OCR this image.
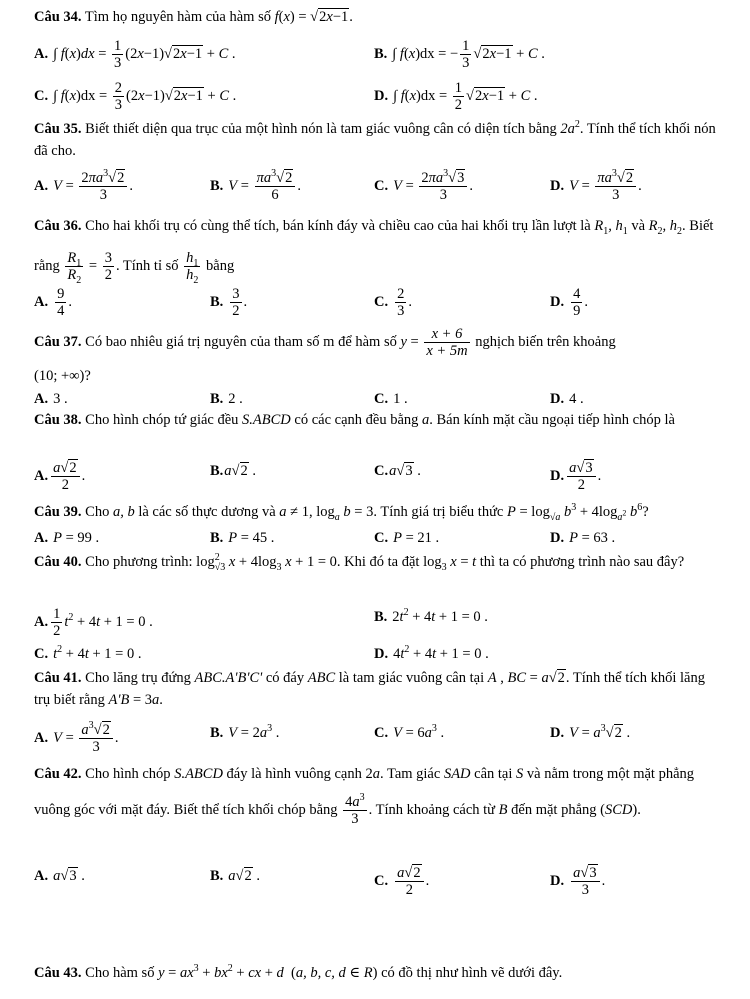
Câu 34. Tìm họ nguyên hàm của hàm số f(x) = √2x−1.
A. ∫ $f(x)dx = \frac{1}{3} (2x-1)√2x-1 + C$ .	B. ∫ f(x)dx = − $\frac{1}{3} √2x-1 + C$ .
C. ∫ $f(x)dx = \frac{2}{3} (2x-1)√2x-1 + C$ .	D. ∫ $f(x)dx = \frac{1}{2} √2x-1 + C$ .
Câu 35. Biết thiết diện qua trục của một hình nón là tam giác vuông cân có diện tích bằng $2a^2$. Tính thể tích khối nón đã cho.
A. $V = \frac{2\pi a^3√2}{3}$ .	B. $V = \frac{\pi a^3√2}{6}$ .	C. $V = \frac{2\pi a^3√3}{3}$ .	D. $V = \frac{\pi a^3√2}{3}$ .
Câu 36. Cho hai khối trụ có cùng thể tích, bán kính đáy và chiều cao của hai khối trụ lần lượt là $R_1$, $h_1$ và $R_2$, $h_2$. Biết rằng $\frac{R_1}{R_2} = \frac{3}{2}$ . Tính tỉ số $\frac{h_1}{h_2}$ bằng
A. $\frac{9}{4}$ .	B. $\frac{3}{2}$ .	C. $\frac{2}{3}$ .	D. $\frac{4}{9}$ .
Câu 37. Có bao nhiêu giá trị nguyên của tham số m để hàm số $y = \frac{x + 6}{x + 5m}$ nghịch biến trên khoảng
(10; +∞)?
A. 3 .	B. 2 .	C. 1 .	D. 4 .
Câu 38. Cho hình chóp tứ giác đều S.ABCD có các cạnh đều bằng a. Bán kính mặt cầu ngoại tiếp hình chóp là
A. $\frac{a√2}{2}$ .	B.a√2 .	C.a√3 .	D. $\frac{a√3}{2}$ .
Câu 39. Cho a, b là các số thực dương và a ≠ 1, $\log_a b = 3$. Tính giá trị biểu thức $P = \log_{√a} b^3 + 4\log_{a^2}$ $b^6$?
A. P = 99 .	B. P = 45 .	C. P = 21 .	D. P = 63 .
Câu 40. Cho phương trình: $\log^2_{√3} x + 4\log_3$ x + 1 = 0. Khi đó ta đặt $\log_3 x = t$ thì ta có phương trình nào sau đây?
A. $\frac{1}{2} t^2 + 4t + 1 = 0$ .	B. $2t^2 + 4t + 1 = 0$ .
C. $t^2 + 4t + 1 = 0$ .	D. $4t^2 + 4t + 1 = 0$ .
Câu 41. Cho lăng trụ đứng ABC.A'B'C' có đáy ABC là tam giác vuông cân tại A , BC = a√2. Tính thể tích khối lăng trụ biết rằng A'B = 3a.
A. $V = \frac{a^3√2}{3}$ .	B. $V = 2a^3$ .	C. $V = 6a^3$ .	D. $V = a^3√2$ .
Câu 42. Cho hình chóp S.ABCD đáy là hình vuông cạnh 2a. Tam giác SAD cân tại S và nằm trong một mặt phẳng vuông góc với mặt đáy. Biết thể tích khối chóp bằng $\frac{4a^3}{3}$ . Tính khoảng cách từ B đến mặt phẳng (SCD).
A. a√3 .	B. a√2 .	C. $\frac{a√2}{2}$ .	D. $\frac{a√3}{3}$ .
Câu 43. Cho hàm số $y = ax^3 + bx^2$ + cx + d  (a, b, c, d ∈ R) có đồ thị như hình vẽ dưới đây.
